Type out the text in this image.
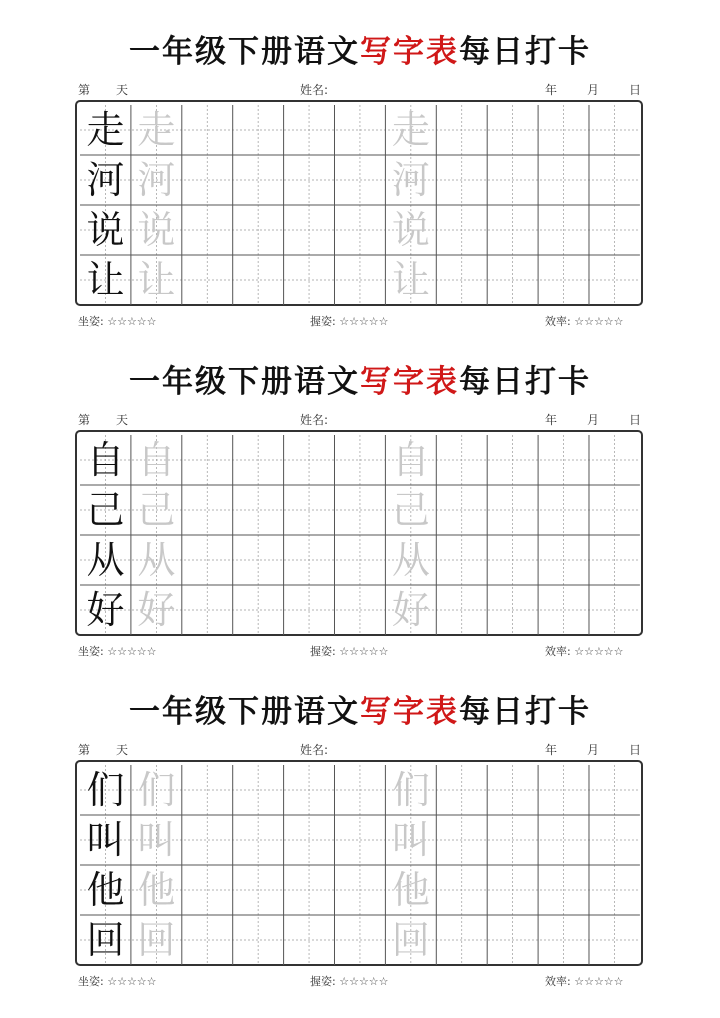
一年级下册语文写字表每日打卡
第 天	姓名:	年	月	日
走 走	走
河 河	河
说 说	说
让 让	让
坐姿: ☆☆☆☆☆	握姿: ☆☆☆☆☆	效率: ☆☆☆☆☆
一年级下册语文写字表每日打卡
第 天	姓名:	年	月	日
自 自	自
己 己	己
从 从	从
好 好	好
坐姿: ☆☆☆☆☆	握姿: ☆☆☆☆☆	效率: ☆☆☆☆☆
一年级下册语文写字表每日打卡
第 天	姓名:	年	月	日
们 们	们
叫 叫	叫
他 他	他
回 回	回
坐姿: ☆☆☆☆☆	握姿: ☆☆☆☆☆	效率: ☆☆☆☆☆
